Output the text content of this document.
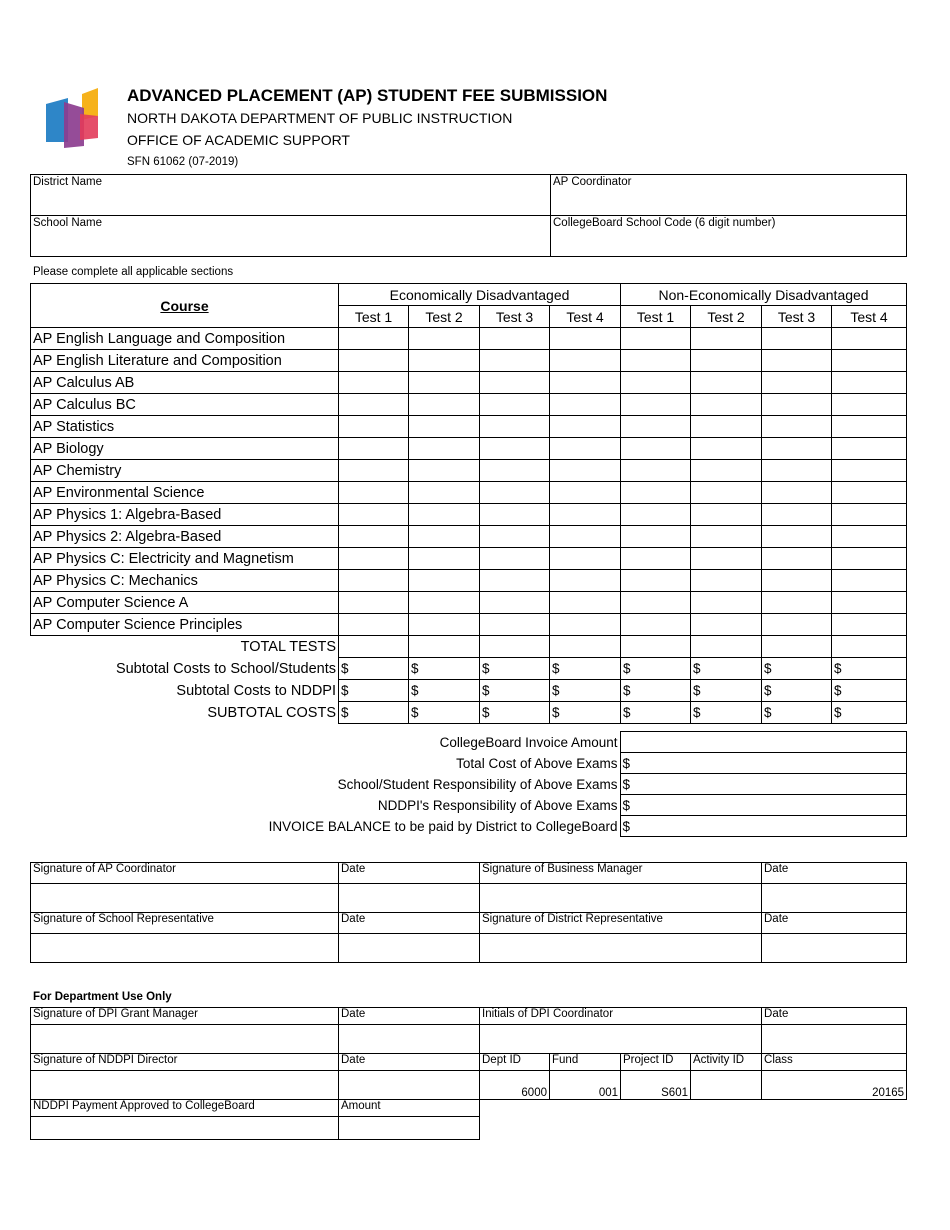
ADVANCED PLACEMENT (AP) STUDENT FEE SUBMISSION
NORTH DAKOTA DEPARTMENT OF PUBLIC INSTRUCTION
OFFICE OF ACADEMIC SUPPORT
SFN 61062 (07-2019)
District Name	AP Coordinator
School Name	CollegeBoard School Code (6 digit number)
Please complete all applicable sections
Course	Economically Disadvantaged				Non-Economically Disadvantaged			
	Test 1	Test 2	Test 3	Test 4	Test 1	Test 2	Test 3	Test 4
AP English Language and Composition								
AP English Literature and Composition								
AP Calculus AB								
AP Calculus BC								
AP Statistics								
AP Biology								
AP Chemistry								
AP Environmental Science								
AP Physics 1: Algebra-Based								
AP Physics 2: Algebra-Based								
AP Physics C: Electricity and Magnetism								
AP Physics C: Mechanics								
AP Computer Science A								
AP Computer Science Principles								
TOTAL TESTS								
Subtotal Costs to School/Students	$	$	$	$	$	$	$	$
Subtotal Costs to NDDPI	$	$	$	$	$	$	$	$
SUBTOTAL COSTS	$	$	$	$	$	$	$	$
CollegeBoard Invoice Amount	
Total Cost of Above Exams	$
School/Student Responsibility of Above Exams	$
NDDPI's Responsibility of Above Exams	$
INVOICE BALANCE to be paid by District to CollegeBoard	$
Signature of AP Coordinator	Date	Signature of Business Manager	Date

Signature of School Representative	Date	Signature of District Representative	Date

For Department Use Only
Signature of DPI Grant Manager	Date	Initials of DPI Coordinator				Date

Signature of NDDPI Director	Date	Dept ID	Fund	Project ID	Activity ID	Class
		6000	001	S601		20165
NDDPI Payment Approved to CollegeBoard	Amount					
